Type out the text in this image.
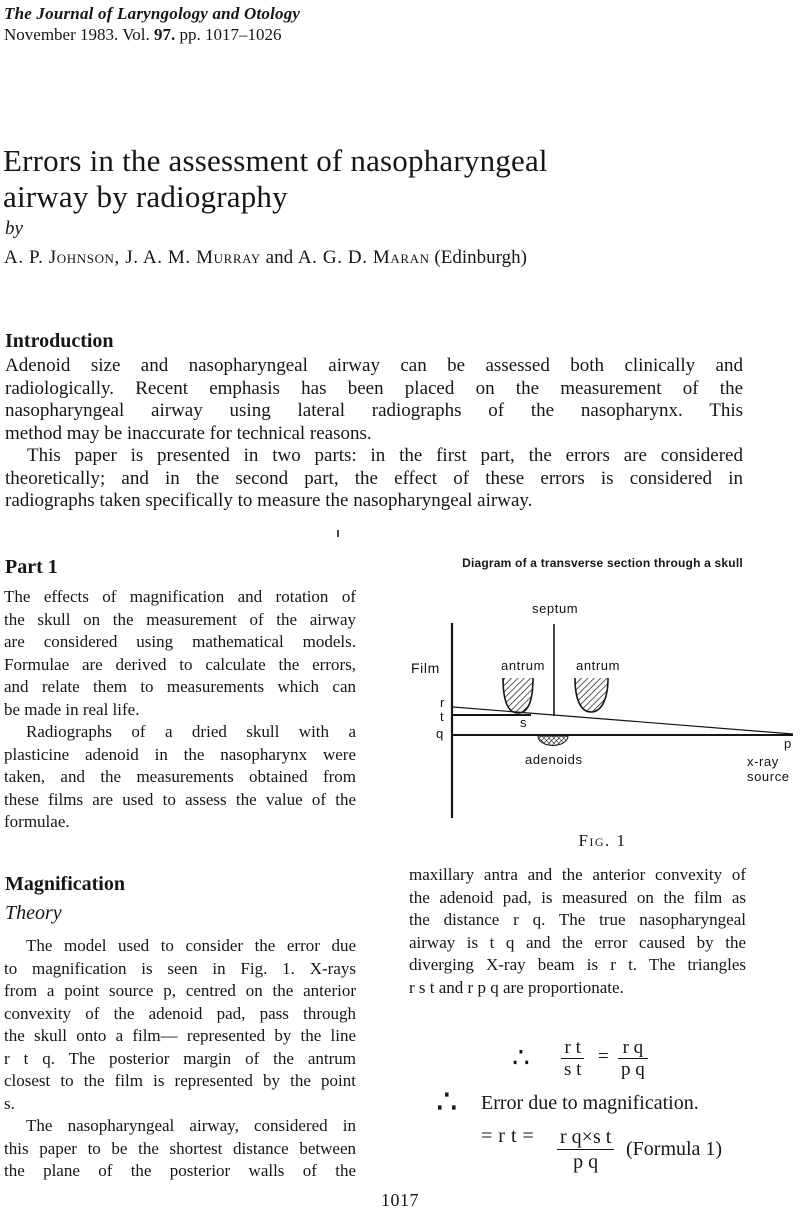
The Journal of Laryngology and Otology
November 1983. Vol. 97. pp. 1017–1026
Errors in the assessment of nasopharyngeal
airway by radiography
by
A. P. Johnson, J. A. M. Murray and A. G. D. Maran (Edinburgh)
Introduction
Adenoid size and nasopharyngeal airway can be assessed both clinically and
radiologically. Recent emphasis has been placed on the measurement of the
nasopharyngeal airway using lateral radiographs of the nasopharynx. This
method may be inaccurate for technical reasons.
This paper is presented in two parts: in the first part, the errors are considered
theoretically; and in the second part, the effect of these errors is considered in
radiographs taken specifically to measure the nasopharyngeal airway.
Part 1
The effects of magnification and rotation of
the skull on the measurement of the airway
are considered using mathematical models.
Formulae are derived to calculate the errors,
and relate them to measurements which can
be made in real life.
Radiographs of a dried skull with a
plasticine adenoid in the nasopharynx were
taken, and the measurements obtained from
these films are used to assess the value of the
formulae.
Diagram of a transverse section through a skull
septum
Film	antrum antrum
r
t
q
s
p
adenoids	x-ray
source
Fig. 1
Magnification
Theory
The model used to consider the error due
to magnification is seen in Fig. 1. X-rays
from a point source p, centred on the anterior
convexity of the adenoid pad, pass through
the skull onto a film— represented by the line
r t q. The posterior margin of the antrum
closest to the film is represented by the point
s.
The nasopharyngeal airway, considered in
this paper to be the shortest distance between
the plane of the posterior walls of the
maxillary antra and the anterior convexity of
the adenoid pad, is measured on the film as
the distance r q. The true nasopharyngeal
airway is t q and the error caused by the
diverging X-ray beam is r t. The triangles
r s t and r p q are proportionate.
∴ $\frac{\text{r t}}{\text{s t}} = \frac{\text{r q}}{\text{p q}}$
∴ Error due to magnification.
= r $t = \frac{\text{r q×s t}}{\text{p q}}$ (Formula 1)
1017
